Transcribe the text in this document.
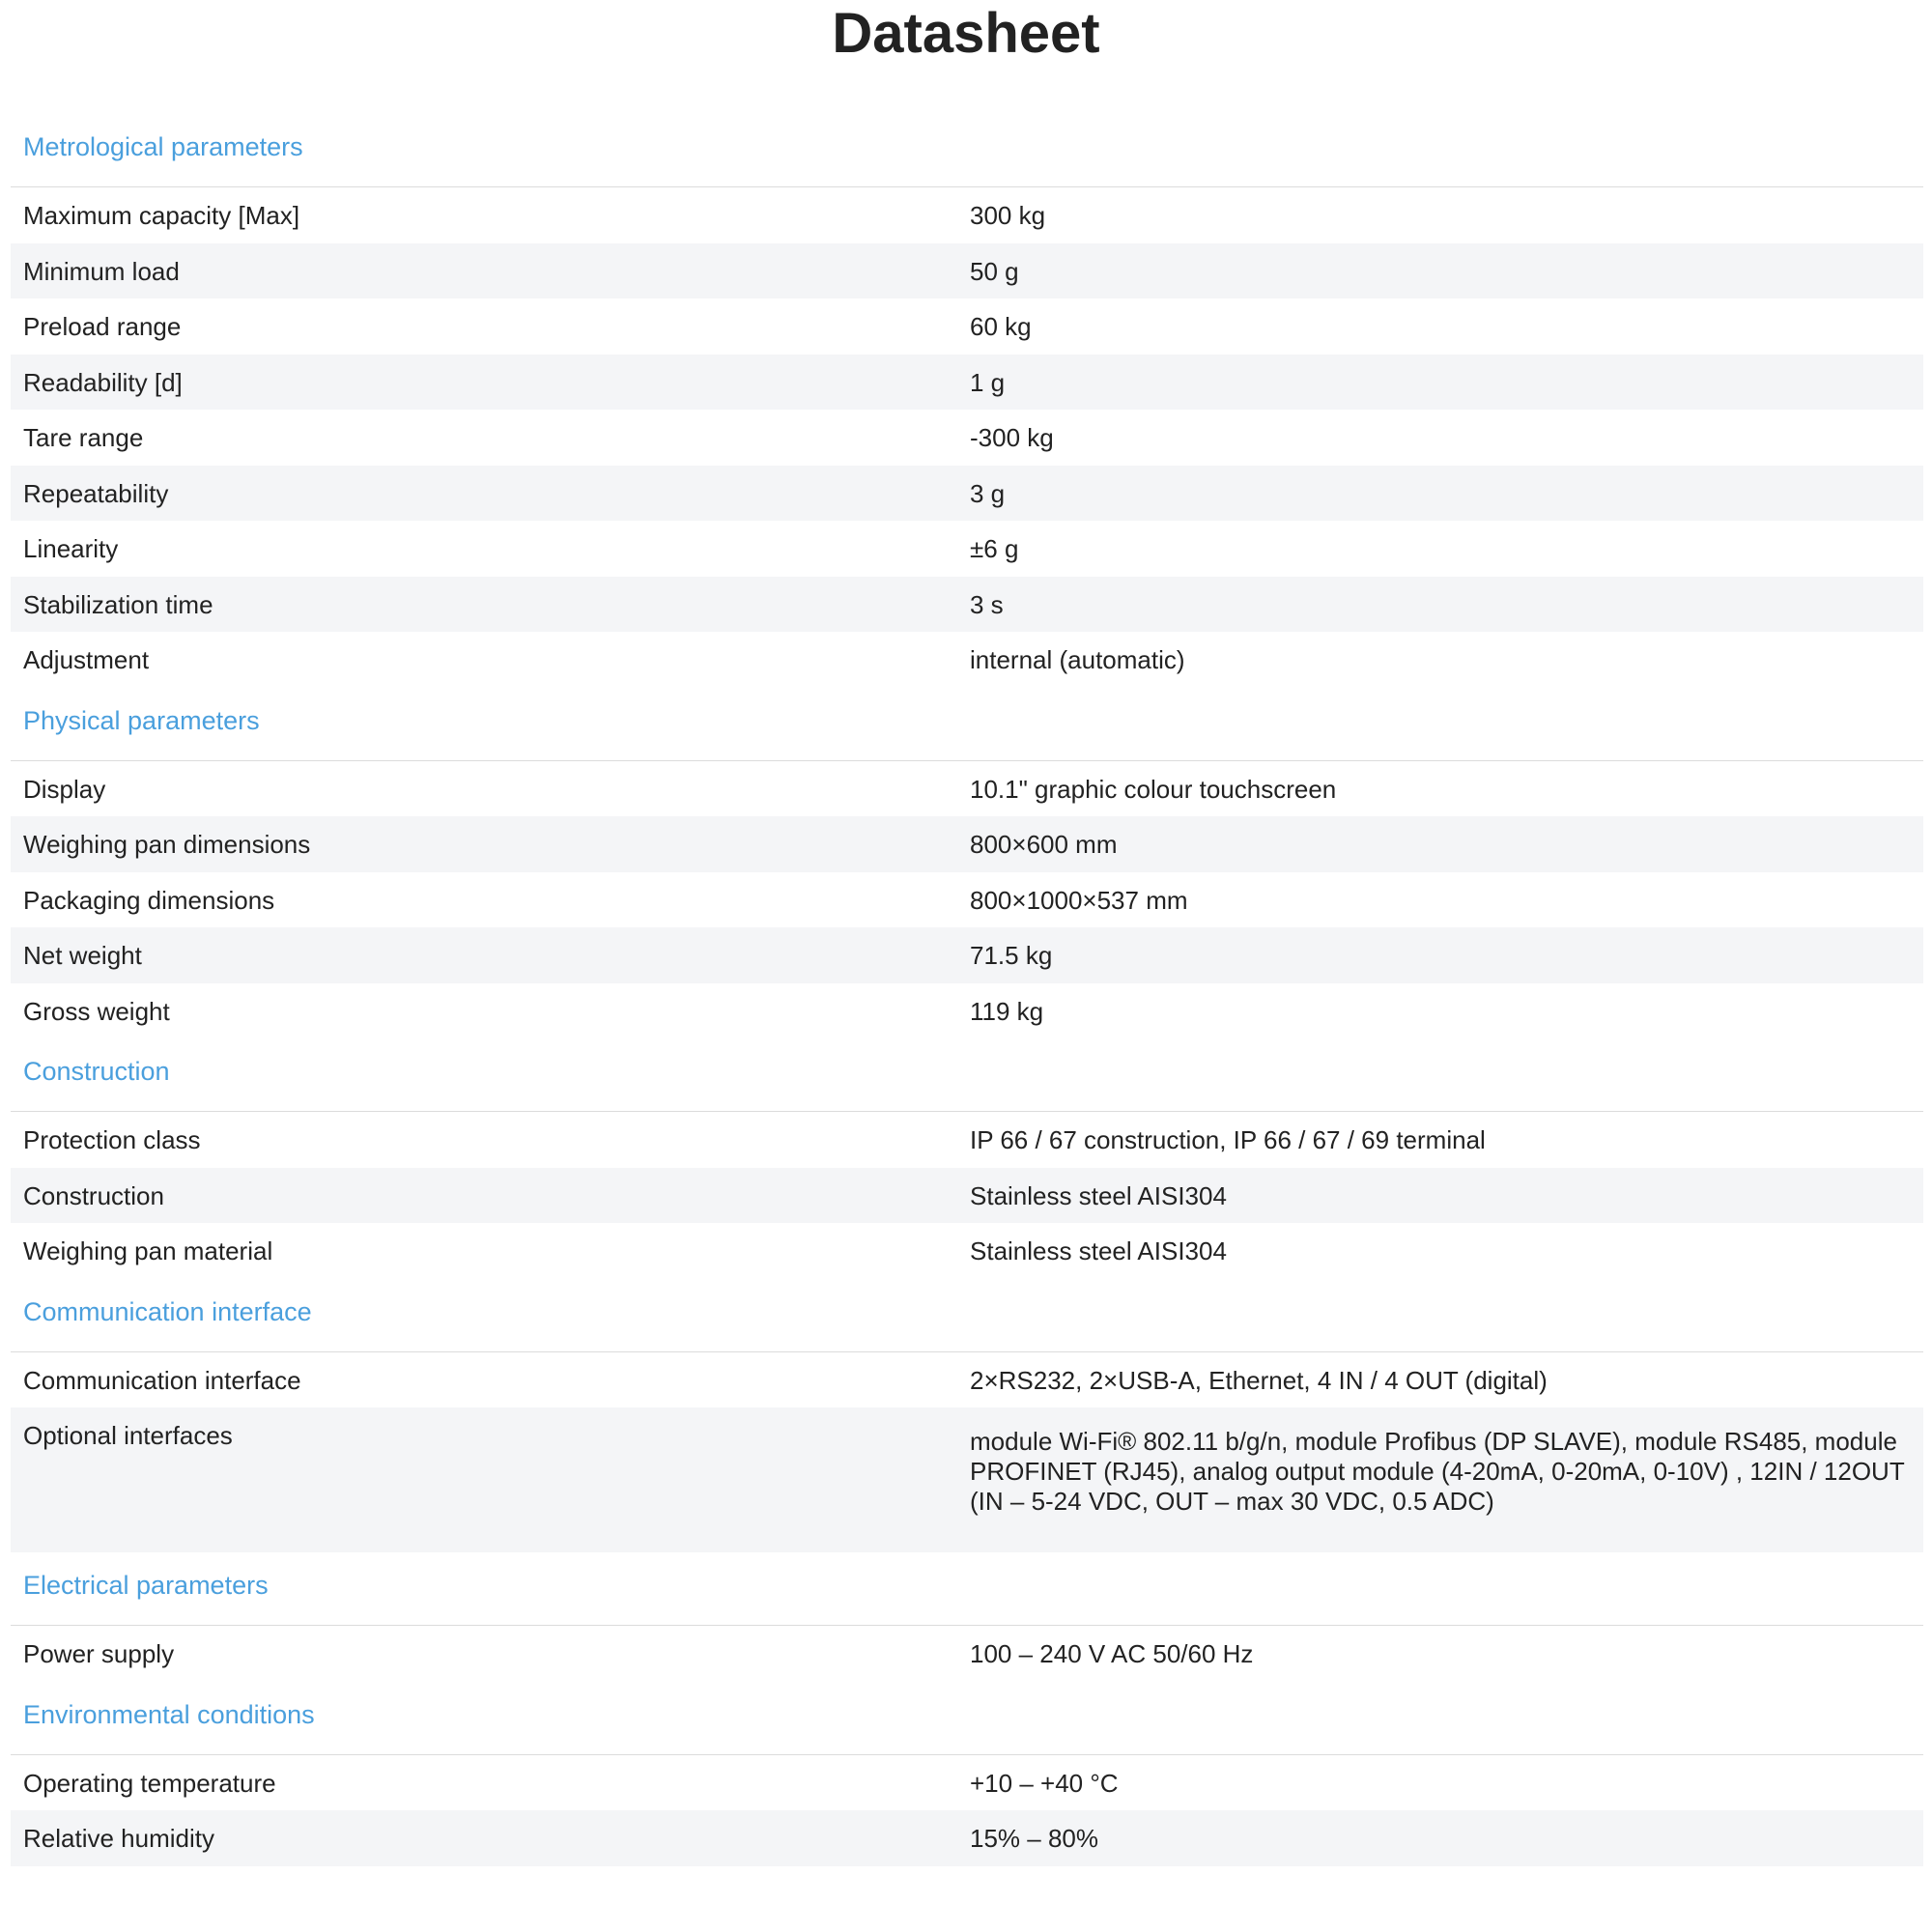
Datasheet
Metrological parameters
Maximum capacity [Max]	300 kg
Minimum load	50 g
Preload range	60 kg
Readability [d]	1 g
Tare range	-300 kg
Repeatability	3 g
Linearity	±6 g
Stabilization time	3 s
Adjustment	internal (automatic)
Physical parameters
Display	10.1" graphic colour touchscreen
Weighing pan dimensions	800×600 mm
Packaging dimensions	800×1000×537 mm
Net weight	71.5 kg
Gross weight	119 kg
Construction
Protection class	IP 66 / 67 construction, IP 66 / 67 / 69 terminal
Construction	Stainless steel AISI304
Weighing pan material	Stainless steel AISI304
Communication interface
Communication interface	2×RS232, 2×USB-A, Ethernet, 4 IN / 4 OUT (digital)
Optional interfaces	module Wi-Fi® 802.11 b/g/n, module Profibus (DP SLAVE), module RS485, module PROFINET (RJ45), analog output module (4-20mA, 0-20mA, 0-10V) , 12IN / 12OUT (IN – 5-24 VDC, OUT – max 30 VDC, 0.5 ADC)
Electrical parameters
Power supply	100 – 240 V AC 50/60 Hz
Environmental conditions
Operating temperature	+10 – +40 °C
Relative humidity	15% – 80%
